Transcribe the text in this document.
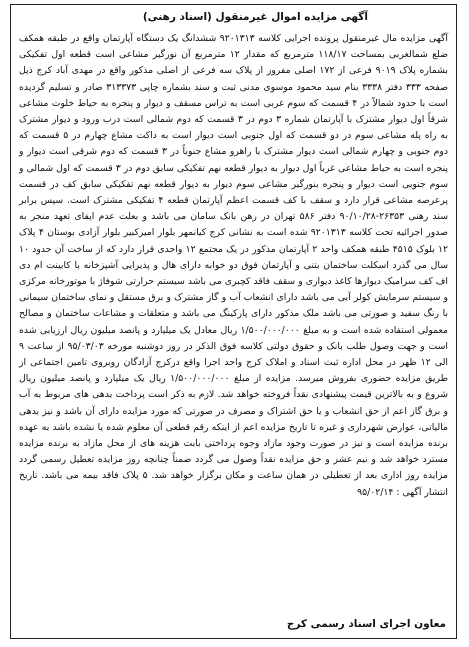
آگهی مزایده اموال غیرمنقول (اسناد رهنی)
آگهی مزایده مال غیرمنقول پرونده اجرایی کلاسه ۹۲۰۱۳۱۳ ششدانگ یک دستگاه آپارتمان واقع در طبقه همکف ضلع شمالغربی بمساحت ۱۱۸/۱۷ مترمربع که مقدار ۱۲ مترمربع آن نورگیر مشاعی است قطعه اول تفکیکی بشماره پلاک ۹۰۱۹ فرعی از ۱۷۲ اصلی مفروز از پلاک سه فرعی از اصلی مذکور واقع در مهدی آباد کرج ذیل صفحه ۳۳۳ دفتر ۳۳۳۸ بنام سید محمود موسوی مدنی ثبت و سند بشماره چاپی ۳۱۳۳۷۳ صادر و تسلیم گردیده است با حدود شمالاً در ۴ قسمت که سوم غربی است به تراس مسقف و دیوار و پنجره به حیاط خلوت مشاعی شرقاً اول دیوار مشترک با آپارتمان شماره ۳ دوم در ۳ قسمت که دوم شمالی است درب ورود و دیوار مشترک به راه پله مشاعی سوم در دو قسمت که اول جنوبی است دیوار است به داکت مشاع چهارم در ۵ قسمت که دوم جنوبی و چهارم شمالی است دیوار مشترک با راهرو مشاع جنوباً در ۳ قسمت که دوم شرقی است دیوار و پنجره است به حیاط مشاعی غرباً اول دیوار به دیوار قطعه نهم تفکیکی سابق دوم در ۳ قسمت که اول شمالی و سوم جنوبی است دیوار و پنجره بنورگیر مشاعی سوم دیوار به دیوار قطعه نهم تفکیکی سابق کف در قسمت پرعرصه مشاعی قرار دارد و سقف با کف قسمت اعظم آپارتمان قطعه ۴ تفکیکی مشترک است. سپس برابر سند رهنی ۲۶۳۵۳-۹۰/۱۰/۲۸ دفتر ۵۸۶ تهران در رهن بانک سامان می باشد و بعلت عدم ایفای تعهد منجر به صدور اجرائیه تحت کلاسه ۹۲۰۱۳۱۳ شده است به نشانی کرج کیانمهر بلوار امیرکبیر بلوار آزادی بوستان ۴ پلاک ۱۲ بلوک ۴۵۱۵ طبقه همکف واحد ۲ آپارتمان مذکور در یک مجتمع ۱۲ واحدی قرار دارد که از ساخت آن حدود ۱۰ سال می گذرد اسکلت ساختمان بتنی و آپارتمان فوق دو خوابه دارای هال و پذیرایی آشپزخانه با کابینت ام دی اف کف سرامیک دیوارها کاغذ دیواری و سقف فاقد کچبری می باشد سیستم حرارتی شوفاژ با موتورخانه مرکزی و سیستم سرمایش کولر آبی می باشد دارای انشعاب آب و گاز مشترک و برق مستقل و نمای ساختمان سیمانی با رنگ سفید و صورتی می باشد ملک مذکور دارای پارکینگ می باشد و متعلقات و مشاعات ساختمان و مصالح معمولی استفاده شده است و به مبلغ ۱/۵۰۰/۰۰۰/۰۰۰ ریال معادل یک میلیارد و پانصد میلیون ریال ارزیابی شده است و جهت وصول طلب بانک و حقوق دولتی کلاسه فوق الذکر در روز دوشنبه مورخه ۹۵/۰۳/۰۳ از ساعت ۹ الی ۱۲ ظهر در محل اداره ثبت اسناد و املاک کرج واحد اجرا واقع درکرج آزادگان روبروی تامین اجتماعی از طریق مزایده حضوری بفروش میرسد. مزایده از مبلغ ۱/۵۰۰/۰۰۰/۰۰۰ ریال یک میلیارد و پانصد میلیون ریال شروع و به بالاترین قیمت پیشنهادی نقداً فروخته خواهد شد. لازم به ذکر است پرداخت بدهی های مربوط به آب و برق گاز اعم از حق انشعاب و یا حق اشتراک و مصرف در صورتی که مورد مزایده دارای آن باشد و نیز بدهی مالیاتی، عوارض شهرداری و غیره تا تاریخ مزایده اعم از اینکه رقم قطعی آن معلوم شده یا نشده باشد به عهده برنده مزایده است و نیز در صورت وجود مازاد وجوه پرداختی بابت هزینه های از محل مازاد به برنده مزایده مسترد خواهد شد و نیم عشر و حق مزایده نقداً وصول می گردد ضمناً چنانچه روز مزایده تعطیل رسمی گردد مزایده روز اداری بعد از تعطیلی در همان ساعت و مکان برگزار خواهد شد. ۵ پلاک فاقد بیمه می باشد. تاریخ انتشار آگهی : ۹۵/۰۲/۱۴
معاون اجرای اسناد رسمی کرج
